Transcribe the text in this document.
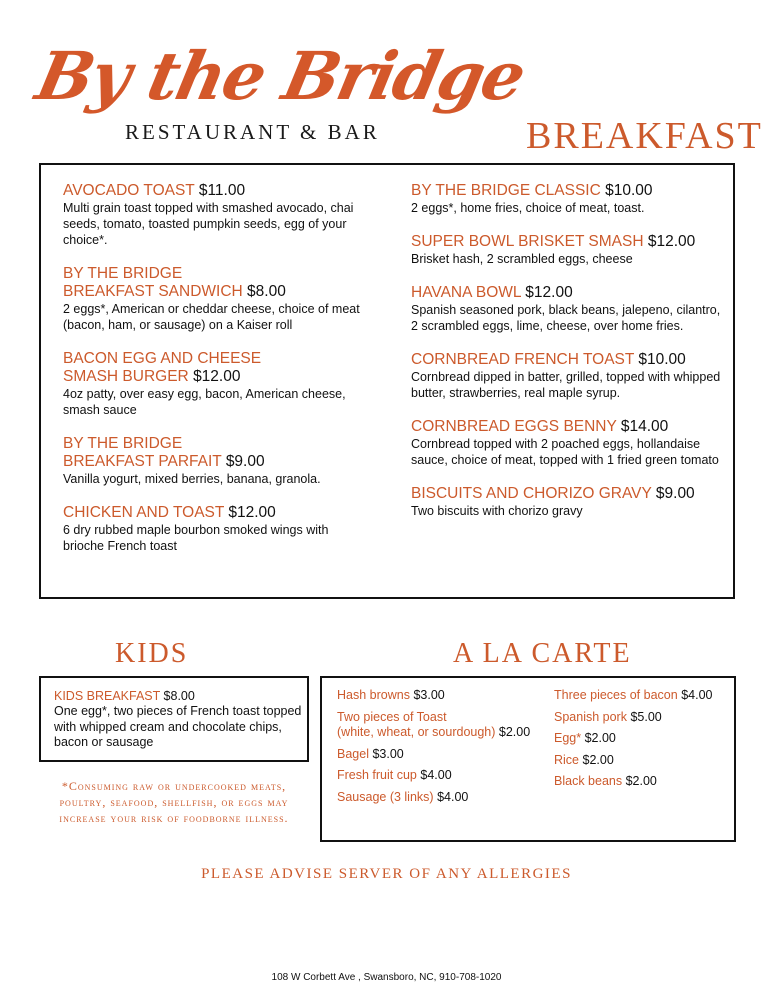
By the Bridge
RESTAURANT & BAR	BREAKFAST
AVOCADO TOAST $11.00
Multi grain toast topped with smashed avocado, chai seeds, tomato, toasted pumpkin seeds, egg of your choice*.
BY THE BRIDGE
BREAKFAST SANDWICH $8.00
2 eggs*, American or cheddar cheese, choice of meat (bacon, ham, or sausage) on a Kaiser roll
BACON EGG AND CHEESE
SMASH BURGER $12.00
4oz patty, over easy egg, bacon, American cheese, smash sauce
BY THE BRIDGE
BREAKFAST PARFAIT $9.00
Vanilla yogurt, mixed berries, banana, granola.
CHICKEN AND TOAST $12.00
6 dry rubbed maple bourbon smoked wings with brioche French toast
BY THE BRIDGE CLASSIC $10.00
2 eggs*, home fries, choice of meat, toast.
SUPER BOWL BRISKET SMASH $12.00
Brisket hash, 2 scrambled eggs, cheese
HAVANA BOWL $12.00
Spanish seasoned pork, black beans, jalepeno, cilantro, 2 scrambled eggs, lime, cheese, over home fries.
CORNBREAD FRENCH TOAST $10.00
Cornbread dipped in batter, grilled, topped with whipped butter, strawberries, real maple syrup.
CORNBREAD EGGS BENNY $14.00
Cornbread topped with 2 poached eggs, hollandaise sauce, choice of meat, topped with 1 fried green tomato
BISCUITS AND CHORIZO GRAVY $9.00
Two biscuits with chorizo gravy
KIDS	A LA CARTE
KIDS BREAKFAST $8.00
One egg*, two pieces of French toast topped with whipped cream and chocolate chips, bacon or sausage
Hash browns $3.00
Two pieces of Toast
(white, wheat, or sourdough) $2.00
Bagel $3.00
Fresh fruit cup $4.00
Sausage (3 links) $4.00
Three pieces of bacon $4.00
Spanish pork $5.00
Egg* $2.00
Rice $2.00
Black beans $2.00
*Consuming raw or undercooked meats, poultry, seafood, shellfish, or eggs may increase your risk of foodborne illness.
PLEASE ADVISE SERVER OF ANY ALLERGIES
108 W Corbett Ave , Swansboro, NC, 910-708-1020
